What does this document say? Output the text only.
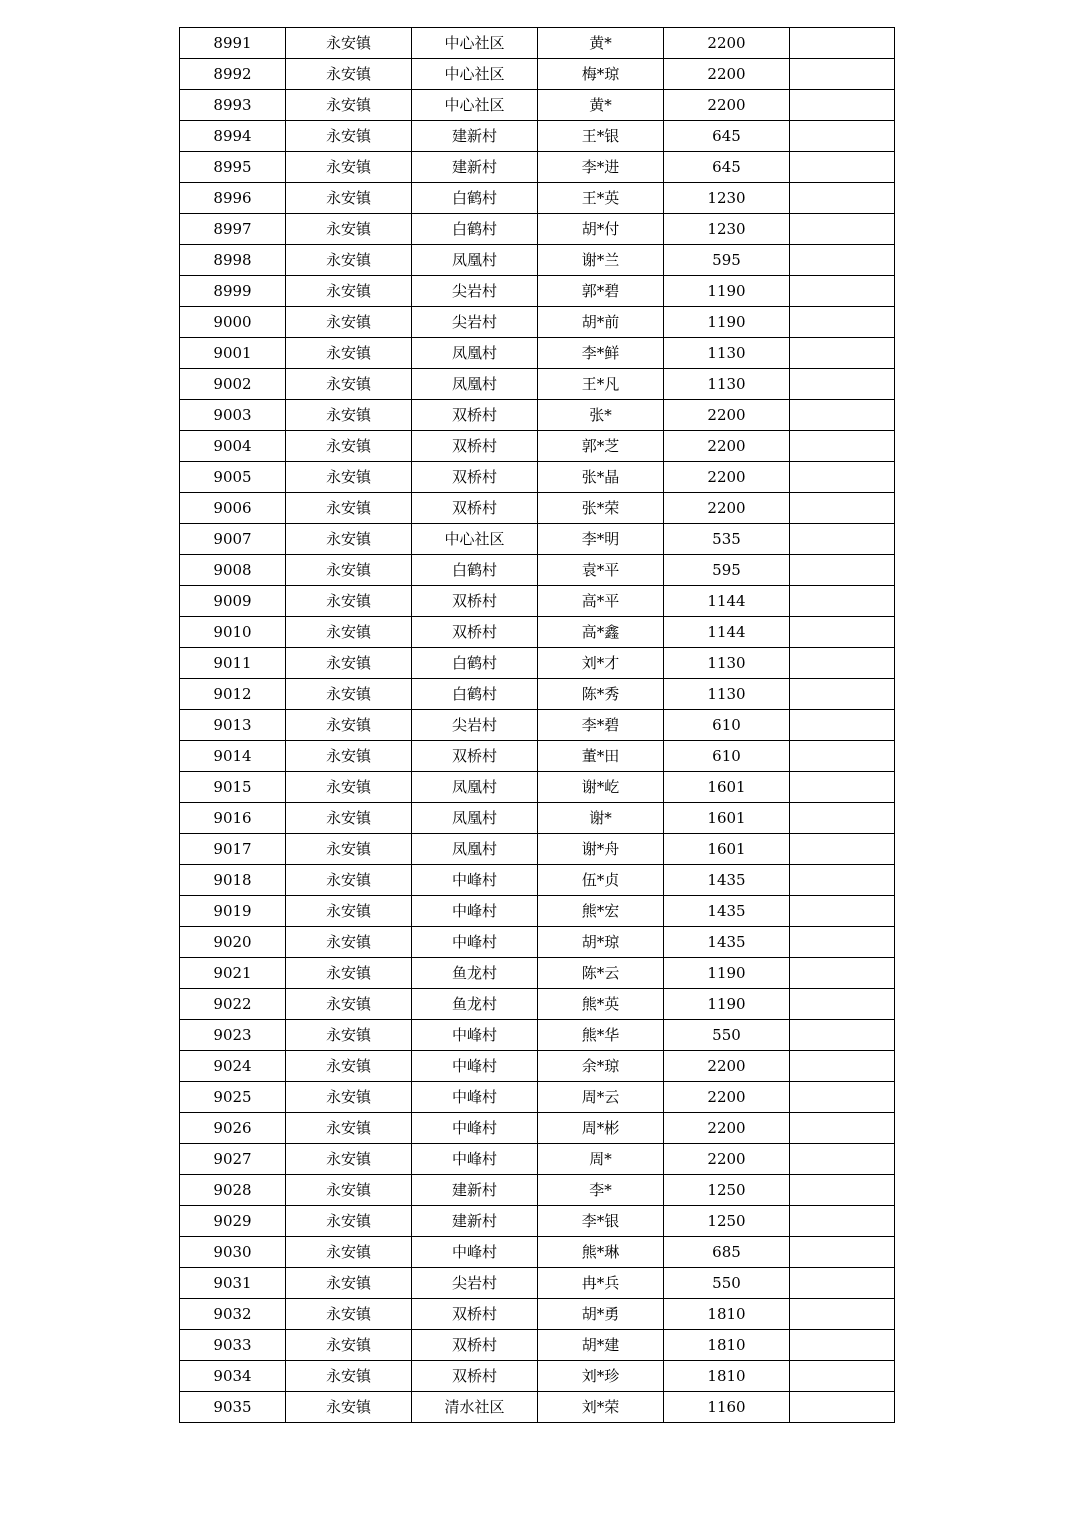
8991	永安镇	中心社区	黄*	2200	
8992	永安镇	中心社区	梅*琼	2200	
8993	永安镇	中心社区	黄*	2200	
8994	永安镇	建新村	王*银	645	
8995	永安镇	建新村	李*进	645	
8996	永安镇	白鹤村	王*英	1230	
8997	永安镇	白鹤村	胡*付	1230	
8998	永安镇	凤凰村	谢*兰	595	
8999	永安镇	尖岩村	郭*碧	1190	
9000	永安镇	尖岩村	胡*前	1190	
9001	永安镇	凤凰村	李*鲜	1130	
9002	永安镇	凤凰村	王*凡	1130	
9003	永安镇	双桥村	张*	2200	
9004	永安镇	双桥村	郭*芝	2200	
9005	永安镇	双桥村	张*晶	2200	
9006	永安镇	双桥村	张*荣	2200	
9007	永安镇	中心社区	李*明	535	
9008	永安镇	白鹤村	袁*平	595	
9009	永安镇	双桥村	高*平	1144	
9010	永安镇	双桥村	高*鑫	1144	
9011	永安镇	白鹤村	刘*才	1130	
9012	永安镇	白鹤村	陈*秀	1130	
9013	永安镇	尖岩村	李*碧	610	
9014	永安镇	双桥村	董*田	610	
9015	永安镇	凤凰村	谢*屹	1601	
9016	永安镇	凤凰村	谢*	1601	
9017	永安镇	凤凰村	谢*舟	1601	
9018	永安镇	中峰村	伍*贞	1435	
9019	永安镇	中峰村	熊*宏	1435	
9020	永安镇	中峰村	胡*琼	1435	
9021	永安镇	鱼龙村	陈*云	1190	
9022	永安镇	鱼龙村	熊*英	1190	
9023	永安镇	中峰村	熊*华	550	
9024	永安镇	中峰村	余*琼	2200	
9025	永安镇	中峰村	周*云	2200	
9026	永安镇	中峰村	周*彬	2200	
9027	永安镇	中峰村	周*	2200	
9028	永安镇	建新村	李*	1250	
9029	永安镇	建新村	李*银	1250	
9030	永安镇	中峰村	熊*琳	685	
9031	永安镇	尖岩村	冉*兵	550	
9032	永安镇	双桥村	胡*勇	1810	
9033	永安镇	双桥村	胡*建	1810	
9034	永安镇	双桥村	刘*珍	1810	
9035	永安镇	清水社区	刘*荣	1160	
